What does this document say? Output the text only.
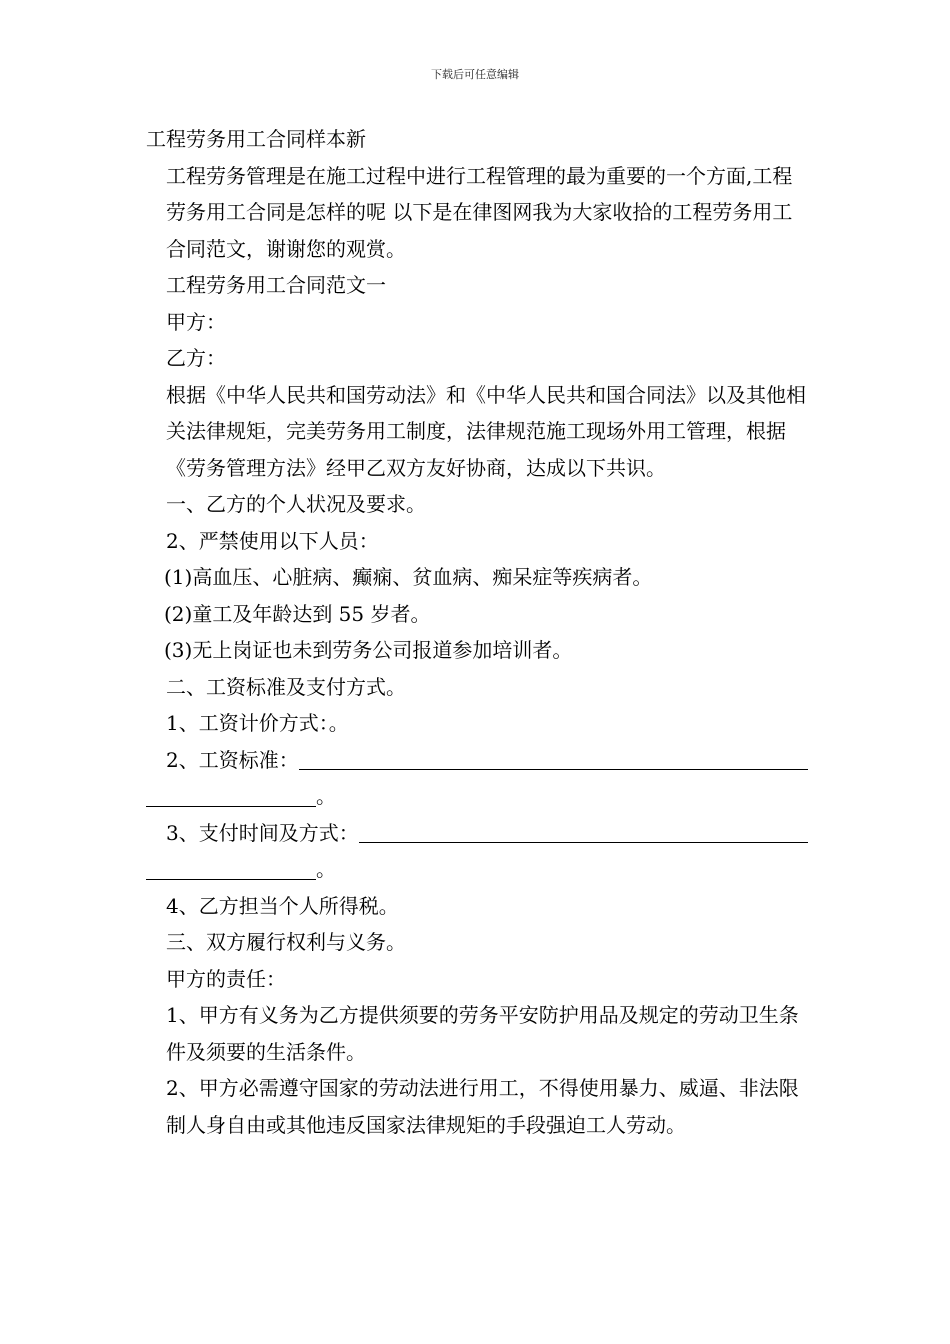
下载后可任意编辑

工程劳务用工合同样本新

工程劳务管理是在施工过程中进行工程管理的最为重要的一个方面,工程劳务用工合同是怎样的呢 以下是在律图网我为大家收拾的工程劳务用工合同范文，谢谢您的观赏。

工程劳务用工合同范文一

甲方：

乙方：

根据《中华人民共和国劳动法》和《中华人民共和国合同法》以及其他相关法律规矩，完美劳务用工制度，法律规范施工现场外用工管理，根据《劳务管理方法》经甲乙双方友好协商，达成以下共识。

一、乙方的个人状况及要求。

2、严禁使用以下人员：

(1)高血压、心脏病、癫痫、贫血病、痴呆症等疾病者。

(2)童工及年龄达到 55 岁者。

(3)无上岗证也未到劳务公司报道参加培训者。

二、工资标准及支付方式。

1、工资计价方式：。

2、工资标准：
。
3、支付时间及方式：
。

4、乙方担当个人所得税。

三、双方履行权利与义务。

甲方的责任：

1、甲方有义务为乙方提供须要的劳务平安防护用品及规定的劳动卫生条件及须要的生活条件。

2、甲方必需遵守国家的劳动法进行用工，不得使用暴力、威逼、非法限制人身自由或其他违反国家法律规矩的手段强迫工人劳动。
